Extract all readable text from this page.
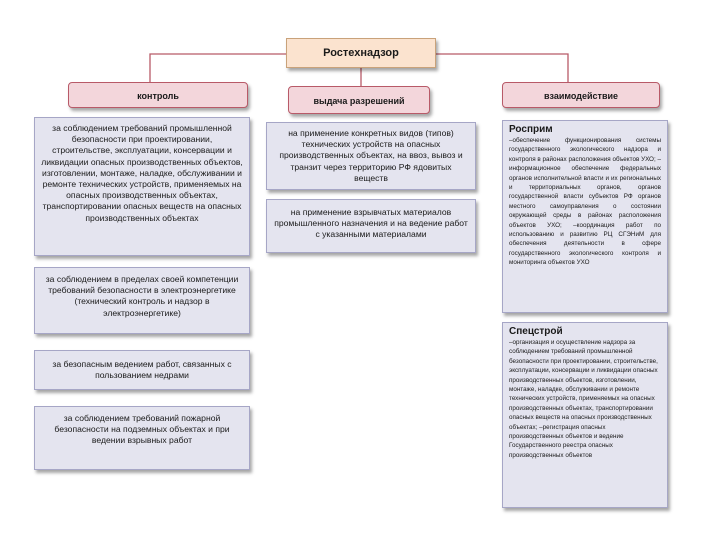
Ростехнадзор
контроль	выдача разрешений	взаимодействие
за соблюдением требований промышленной безопасности при проектировании, строительстве, эксплуатации, консервации и ликвидации опасных производственных объектов, изготовлении, монтаже, наладке, обслуживании и ремонте технических устройств, применяемых на опасных производственных объектах, транспортировании опасных веществ на опасных производственных объектах
за соблюдением в пределах своей компетенции требований безопасности в электроэнергетике (технический контроль и надзор в электроэнергетике)
за безопасным ведением работ, связанных с пользованием недрами
за соблюдением требований пожарной безопасности на подземных объектах и при ведении взрывных работ
на применение конкретных видов (типов) технических устройств на опасных производственных объектах, на ввоз, вывоз и транзит через территорию РФ ядовитых веществ
на применение взрывчатых материалов промышленного назначения и на ведение работ с указанными материалами
Росприм
–обеспечение функционирования системы государственного экологического надзора и контроля в районах расположения объектов УХО; –информационное обеспечение федеральных органов исполнительной власти и их региональных и территориальных органов, органов государственной власти субъектов РФ органов местного самоуправления о состоянии окружающей среды в районах расположения объектов УХО; –координация работ по использованию и развитию РЦ СГЭНиМ для обеспечения деятельности в сфере государственного экологического контроля и мониторинга объектов УХО
Спецстрой
–организация и осуществление надзора за соблюдением требований промышленной безопасности при проектировании, строительстве, эксплуатации, консервации и ликвидации опасных производственных объектов, изготовлении, монтаже, наладке, обслуживании и ремонте технических устройств, применяемых на опасных производственных объектах, транспортировании опасных веществ на опасных производственных объектах; –регистрация опасных производственных объектов и ведение Государственного реестра опасных производственных объектов
